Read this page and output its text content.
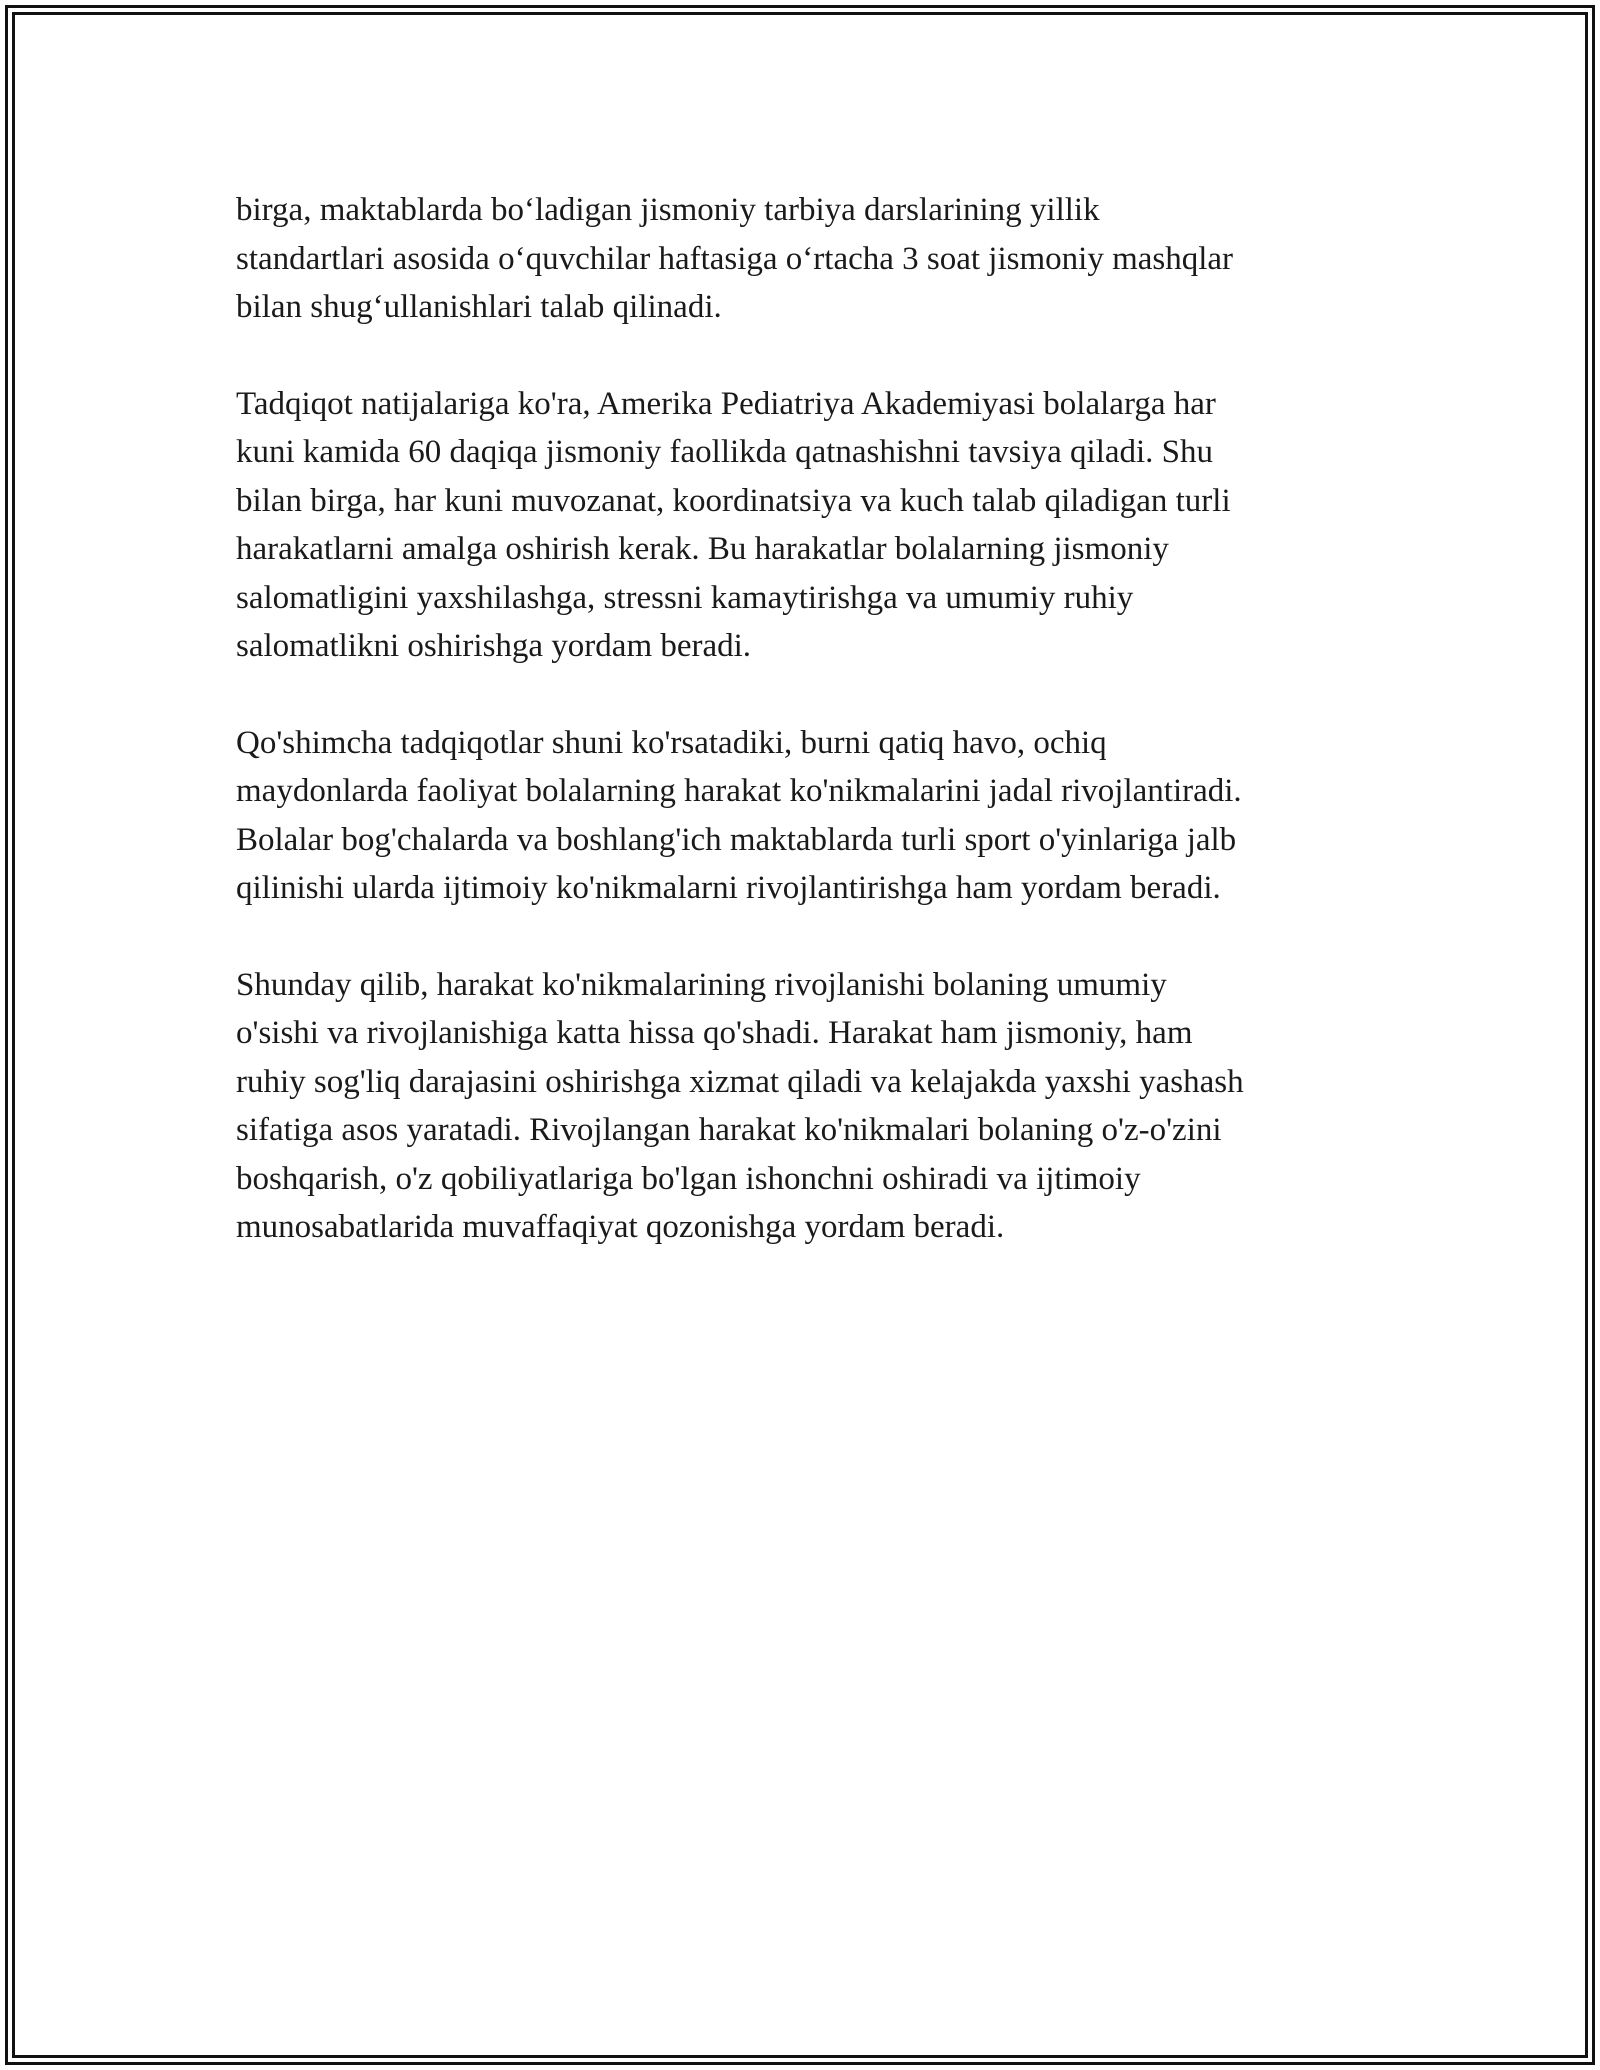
birga, maktablarda bo‘ladigan jismoniy tarbiya darslarining yillik
standartlari asosida o‘quvchilar haftasiga o‘rtacha 3 soat jismoniy mashqlar
bilan shug‘ullanishlari talab qilinadi.

Tadqiqot natijalariga ko'ra, Amerika Pediatriya Akademiyasi bolalarga har
kuni kamida 60 daqiqa jismoniy faollikda qatnashishni tavsiya qiladi. Shu
bilan birga, har kuni muvozanat, koordinatsiya va kuch talab qiladigan turli
harakatlarni amalga oshirish kerak. Bu harakatlar bolalarning jismoniy
salomatligini yaxshilashga, stressni kamaytirishga va umumiy ruhiy
salomatlikni oshirishga yordam beradi.

Qo'shimcha tadqiqotlar shuni ko'rsatadiki, burni qatiq havo, ochiq
maydonlarda faoliyat bolalarning harakat ko'nikmalarini jadal rivojlantiradi.
Bolalar bog'chalarda va boshlang'ich maktablarda turli sport o'yinlariga jalb
qilinishi ularda ijtimoiy ko'nikmalarni rivojlantirishga ham yordam beradi.

Shunday qilib, harakat ko'nikmalarining rivojlanishi bolaning umumiy
o'sishi va rivojlanishiga katta hissa qo'shadi. Harakat ham jismoniy, ham
ruhiy sog'liq darajasini oshirishga xizmat qiladi va kelajakda yaxshi yashash
sifatiga asos yaratadi. Rivojlangan harakat ko'nikmalari bolaning o'z-o'zini
boshqarish, o'z qobiliyatlariga bo'lgan ishonchni oshiradi va ijtimoiy
munosabatlarida muvaffaqiyat qozonishga yordam beradi.
